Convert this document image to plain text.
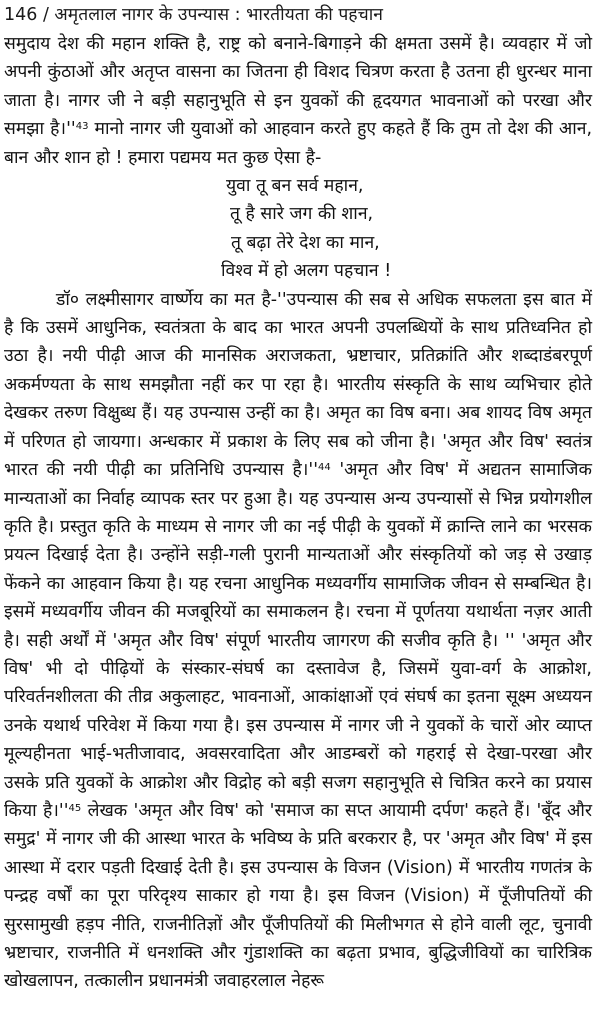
146 / अमृतलाल नागर के उपन्यास : भारतीयता की पहचान

समुदाय देश की महान शक्ति है, राष्ट्र को बनाने-बिगाड़ने की क्षमता उसमें है। व्यवहार में जो अपनी कुंठाओं और अतृप्त वासना का जितना ही विशद चित्रण करता है उतना ही धुरन्धर माना जाता है। नागर जी ने बड़ी सहानुभूति से इन युवकों की हृदयगत भावनाओं को परखा और समझा है।''$^{43}$ मानो नागर जी युवाओं को आहवान करते हुए कहते हैं कि तुम तो देश की आन, बान और शान हो ! हमारा पद्यमय मत कुछ ऐसा है-

युवा तू बन सर्व महान,
तू है सारे जग की शान,
तू बढ़ा तेरे देश का मान,
विश्व में हो अलग पहचान !

डॉ० लक्ष्मीसागर वार्ष्णेय का मत है-''उपन्यास की सब से अधिक सफलता इस बात में है कि उसमें आधुनिक, स्वतंत्रता के बाद का भारत अपनी उपलब्धियों के साथ प्रतिध्वनित हो उठा है। नयी पीढ़ी आज की मानसिक अराजकता, भ्रष्टाचार, प्रतिक्रांति और शब्दाडंबरपूर्ण अकर्मण्यता के साथ समझौता नहीं कर पा रहा है। भारतीय संस्कृति के साथ व्यभिचार होते देखकर तरुण विक्षुब्ध हैं। यह उपन्यास उन्हीं का है। अमृत का विष बना। अब शायद विष अमृत में परिणत हो जायगा। अन्धकार में प्रकाश के लिए सब को जीना है। 'अमृत और विष' स्वतंत्र भारत की नयी पीढ़ी का प्रतिनिधि उपन्यास है।''$^{44}$ 'अमृत और विष' में अद्यतन सामाजिक मान्यताओं का निर्वाह व्यापक स्तर पर हुआ है। यह उपन्यास अन्य उपन्यासों से भिन्न प्रयोगशील कृति है। प्रस्तुत कृति के माध्यम से नागर जी का नई पीढ़ी के युवकों में क्रान्ति लाने का भरसक प्रयत्न दिखाई देता है। उन्होंने सड़ी-गली पुरानी मान्यताओं और संस्कृतियों को जड़ से उखाड़ फेंकने का आहवान किया है। यह रचना आधुनिक मध्यवर्गीय सामाजिक जीवन से सम्बन्धित है। इसमें मध्यवर्गीय जीवन की मजबूरियों का समाकलन है। रचना में पूर्णतया यथार्थता नज़र आती है। सही अर्थों में 'अमृत और विष' संपूर्ण भारतीय जागरण की सजीव कृति है। '' 'अमृत और विष' भी दो पीढ़ियों के संस्कार-संघर्ष का दस्तावेज है, जिसमें युवा-वर्ग के आक्रोश, परिवर्तनशीलता की तीव्र अकुलाहट, भावनाओं, आकांक्षाओं एवं संघर्ष का इतना सूक्ष्म अध्ययन उनके यथार्थ परिवेश में किया गया है। इस उपन्यास में नागर जी ने युवकों के चारों ओर व्याप्त मूल्यहीनता भाई-भतीजावाद, अवसरवादिता और आडम्बरों को गहराई से देखा-परखा और उसके प्रति युवकों के आक्रोश और विद्रोह को बड़ी सजग सहानुभूति से चित्रित करने का प्रयास किया है।''$^{45}$ लेखक 'अमृत और विष' को 'समाज का सप्त आयामी दर्पण' कहते हैं। 'बूँद और समुद्र' में नागर जी की आस्था भारत के भविष्य के प्रति बरकरार है, पर 'अमृत और विष' में इस आस्था में दरार पड़ती दिखाई देती है। इस उपन्यास के विजन (Vision) में भारतीय गणतंत्र के पन्द्रह वर्षों का पूरा परिदृश्य साकार हो गया है। इस विजन (Vision) में पूँजीपतियों की सुरसामुखी हड़प नीति, राजनीतिज्ञों और पूँजीपतियों की मिलीभगत से होने वाली लूट, चुनावी भ्रष्टाचार, राजनीति में धनशक्ति और गुंडाशक्ति का बढ़ता प्रभाव, बुद्धिजीवियों का चारित्रिक खोखलापन, तत्कालीन प्रधानमंत्री जवाहरलाल नेहरू
